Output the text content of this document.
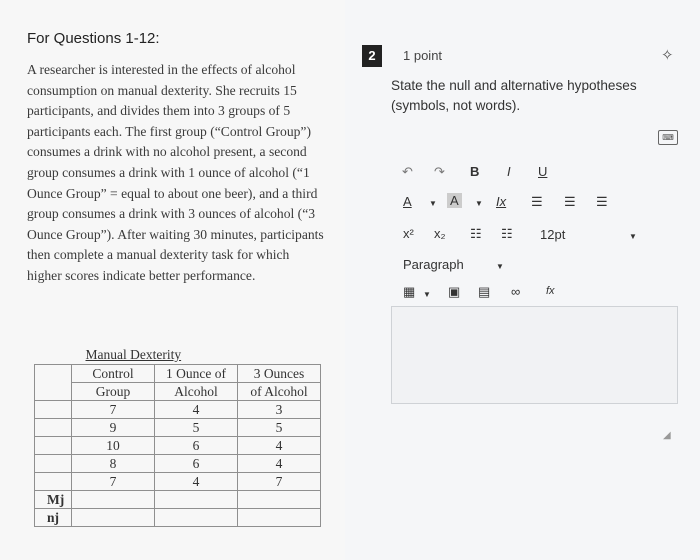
For Questions 1-12:

A researcher is interested in the effects of alcohol consumption on manual dexterity. She recruits 15 participants, and divides them into 3 groups of 5 participants each. The first group (“Control Group”) consumes a drink with no alcohol present, a second group consumes a drink with 1 ounce of alcohol (“1 Ounce Group” = equal to about one beer), and a third group consumes a drink with 3 ounces of alcohol (“3 Ounce Group”). After waiting 30 minutes, participants then complete a manual dexterity task for which higher scores indicate better performance.

	Manual Dexterity		
	Control	1 Ounce of	3 Ounces
	Group	Alcohol	of Alcohol
	7	4	3
	9	5	5
	10	6	4
	8	6	4
	7	4	7
Mj			
nj			
2	1 point	✧
State the null and alternative hypotheses (symbols, not words).
⌨
↶ ↷ B I U
A ▼ A	▼ Ix ☰ ☰ ☰
x² x₂ ☷ ☷ 12pt	▼
Paragraph	▼
▦ ▼ ▣ ▤ ∞ fx
◢
